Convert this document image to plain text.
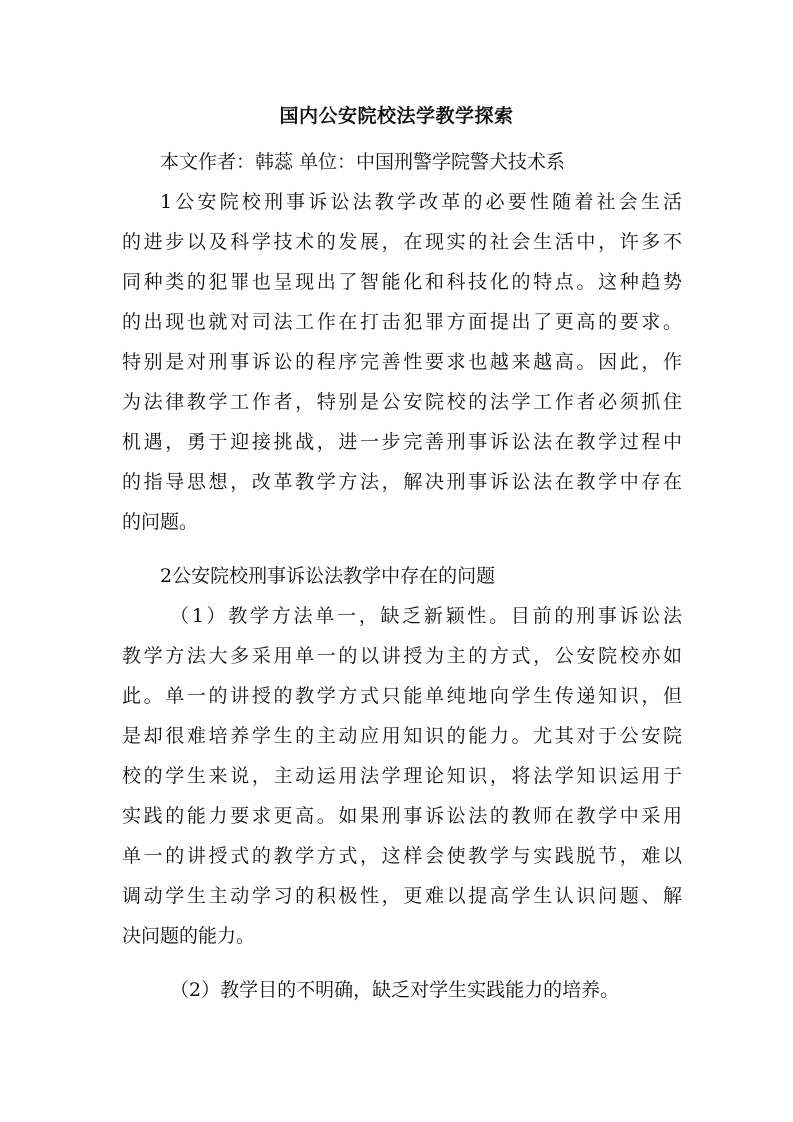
国内公安院校法学教学探索
本文作者：韩蕊 单位：中国刑警学院警犬技术系
1公安院校刑事诉讼法教学改革的必要性随着社会生活
的进步以及科学技术的发展，在现实的社会生活中，许多不
同种类的犯罪也呈现出了智能化和科技化的特点。这种趋势
的出现也就对司法工作在打击犯罪方面提出了更高的要求。
特别是对刑事诉讼的程序完善性要求也越来越高。因此，作
为法律教学工作者，特别是公安院校的法学工作者必须抓住
机遇，勇于迎接挑战，进一步完善刑事诉讼法在教学过程中
的指导思想，改革教学方法，解决刑事诉讼法在教学中存在
的问题。
2公安院校刑事诉讼法教学中存在的问题
（1）教学方法单一，缺乏新颖性。目前的刑事诉讼法
教学方法大多采用单一的以讲授为主的方式，公安院校亦如
此。单一的讲授的教学方式只能单纯地向学生传递知识，但
是却很难培养学生的主动应用知识的能力。尤其对于公安院
校的学生来说，主动运用法学理论知识，将法学知识运用于
实践的能力要求更高。如果刑事诉讼法的教师在教学中采用
单一的讲授式的教学方式，这样会使教学与实践脱节，难以
调动学生主动学习的积极性，更难以提高学生认识问题、解
决问题的能力。
（2）教学目的不明确，缺乏对学生实践能力的培养。
